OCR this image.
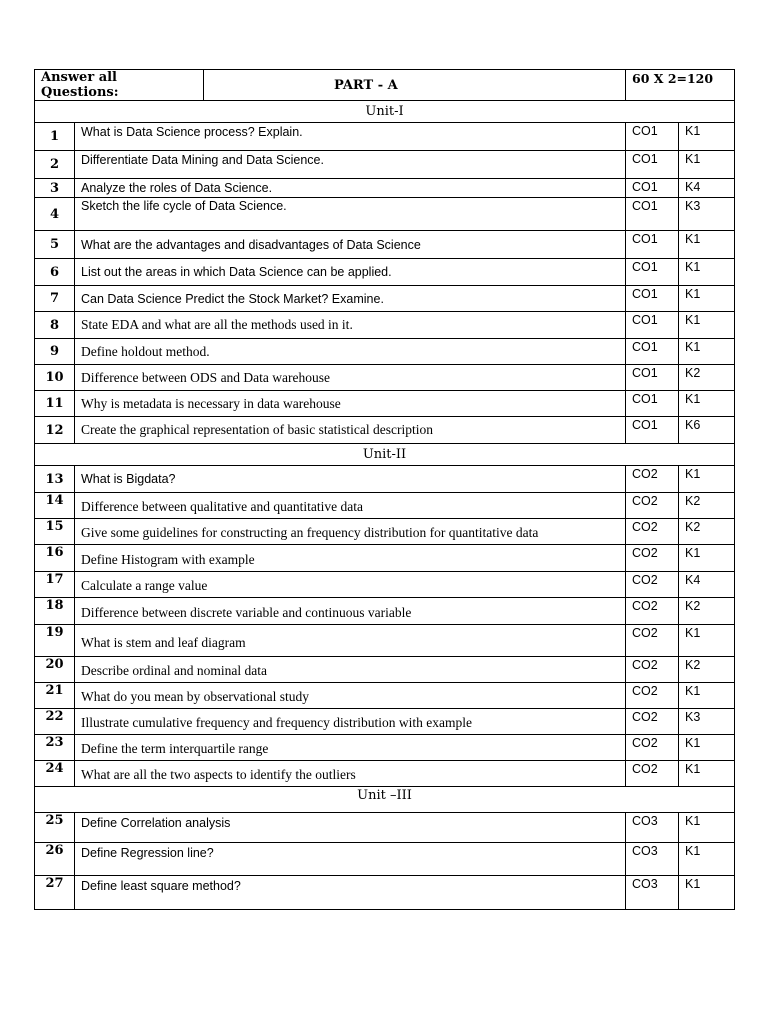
Answer all Questions:		PART - A	60 X 2=120	
Unit-I				
1	What is Data Science process? Explain.		CO1	K1
2	Differentiate Data Mining and Data Science.		CO1	K1
3	Analyze the roles of Data Science.		CO1	K4
4	Sketch the life cycle of Data Science.		CO1	K3
5	What are the advantages and disadvantages of Data Science		CO1	K1
6	List out the areas in which Data Science can be applied.		CO1	K1
7	Can Data Science Predict the Stock Market? Examine.		CO1	K1
8	State EDA and what are all the methods used in it.		CO1	K1
9	Define holdout method.		CO1	K1
10	Difference between ODS and Data warehouse		CO1	K2
11	Why is metadata is necessary in data warehouse		CO1	K1
12	Create the graphical representation of basic statistical description		CO1	K6
Unit-II				
13	What is Bigdata?		CO2	K1
14	Difference between qualitative and quantitative data		CO2	K2
15	Give some guidelines for constructing an frequency distribution for quantitative data		CO2	K2
16	Define Histogram with example		CO2	K1
17	Calculate a range value		CO2	K4
18	Difference between discrete variable and continuous variable		CO2	K2
19	What is stem and leaf diagram		CO2	K1
20	Describe ordinal and nominal data		CO2	K2
21	What do you mean by observational study		CO2	K1
22	Illustrate cumulative frequency and frequency distribution with example		CO2	K3
23	Define the term interquartile range		CO2	K1
24	What are all the two aspects to identify the outliers		CO2	K1
Unit –III				
25	Define Correlation analysis		CO3	K1
26	Define Regression line?		CO3	K1
27	Define least square method?		CO3	K1
